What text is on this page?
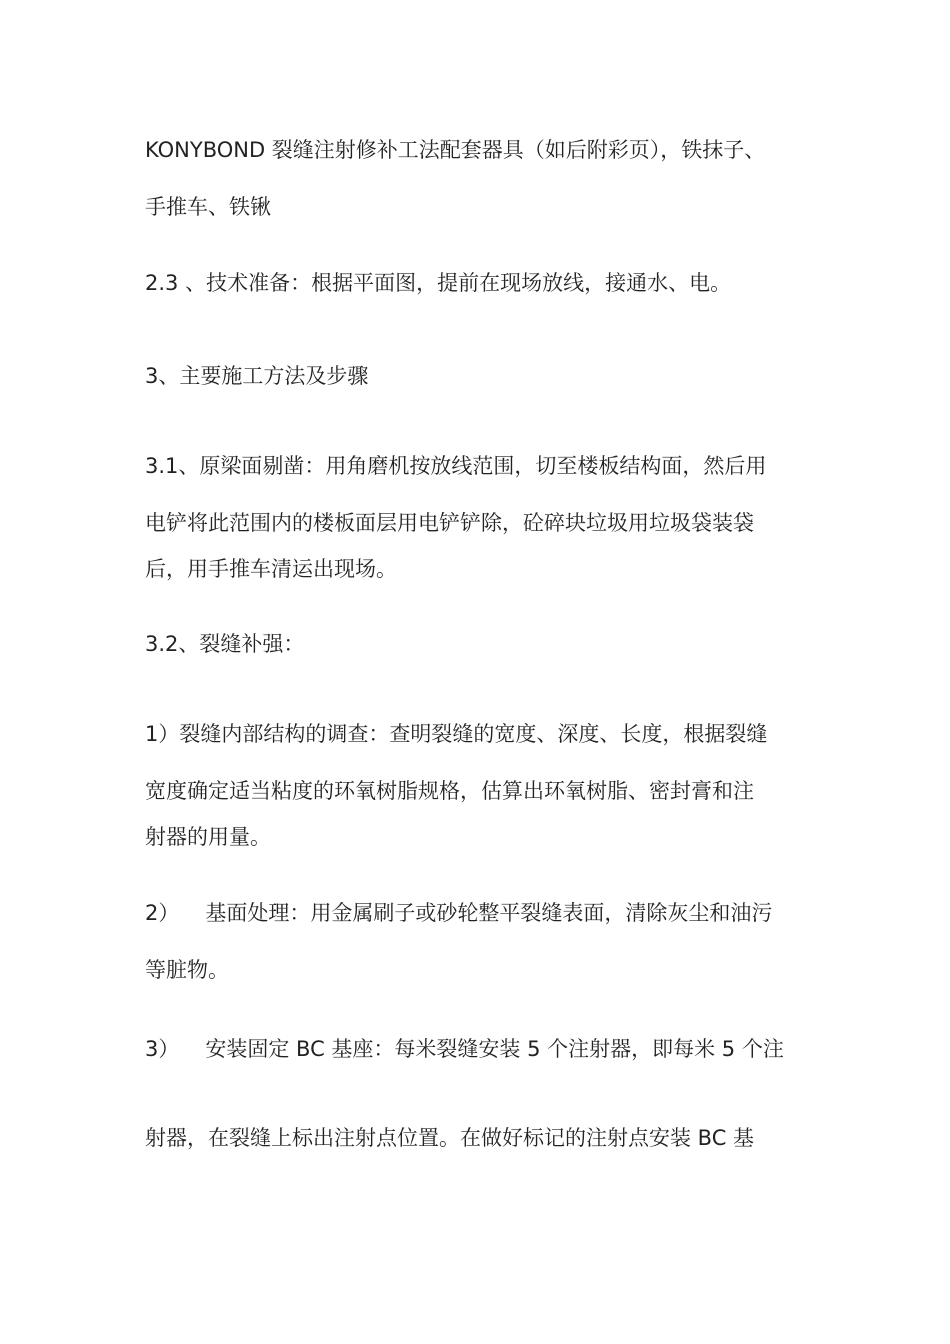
KONYBOND 裂缝注射修补工法配套器具（如后附彩页），铁抹子、

手推车、铁锹

2.3 、技术准备：根据平面图，提前在现场放线，接通水、电。

3、主要施工方法及步骤

3.1、原梁面剔凿：用角磨机按放线范围，切至楼板结构面，然后用

电铲将此范围内的楼板面层用电铲铲除，砼碎块垃圾用垃圾袋装袋

后，用手推车清运出现场。

3.2、裂缝补强：

1）裂缝内部结构的调查：查明裂缝的宽度、深度、长度，根据裂缝

宽度确定适当粘度的环氧树脂规格，估算出环氧树脂、密封膏和注

射器的用量。

2） 基面处理：用金属刷子或砂轮整平裂缝表面，清除灰尘和油污

等脏物。

3） 安装固定 BC 基座：每米裂缝安装 5 个注射器，即每米 5 个注

射器，在裂缝上标出注射点位置。在做好标记的注射点安装 BC 基
